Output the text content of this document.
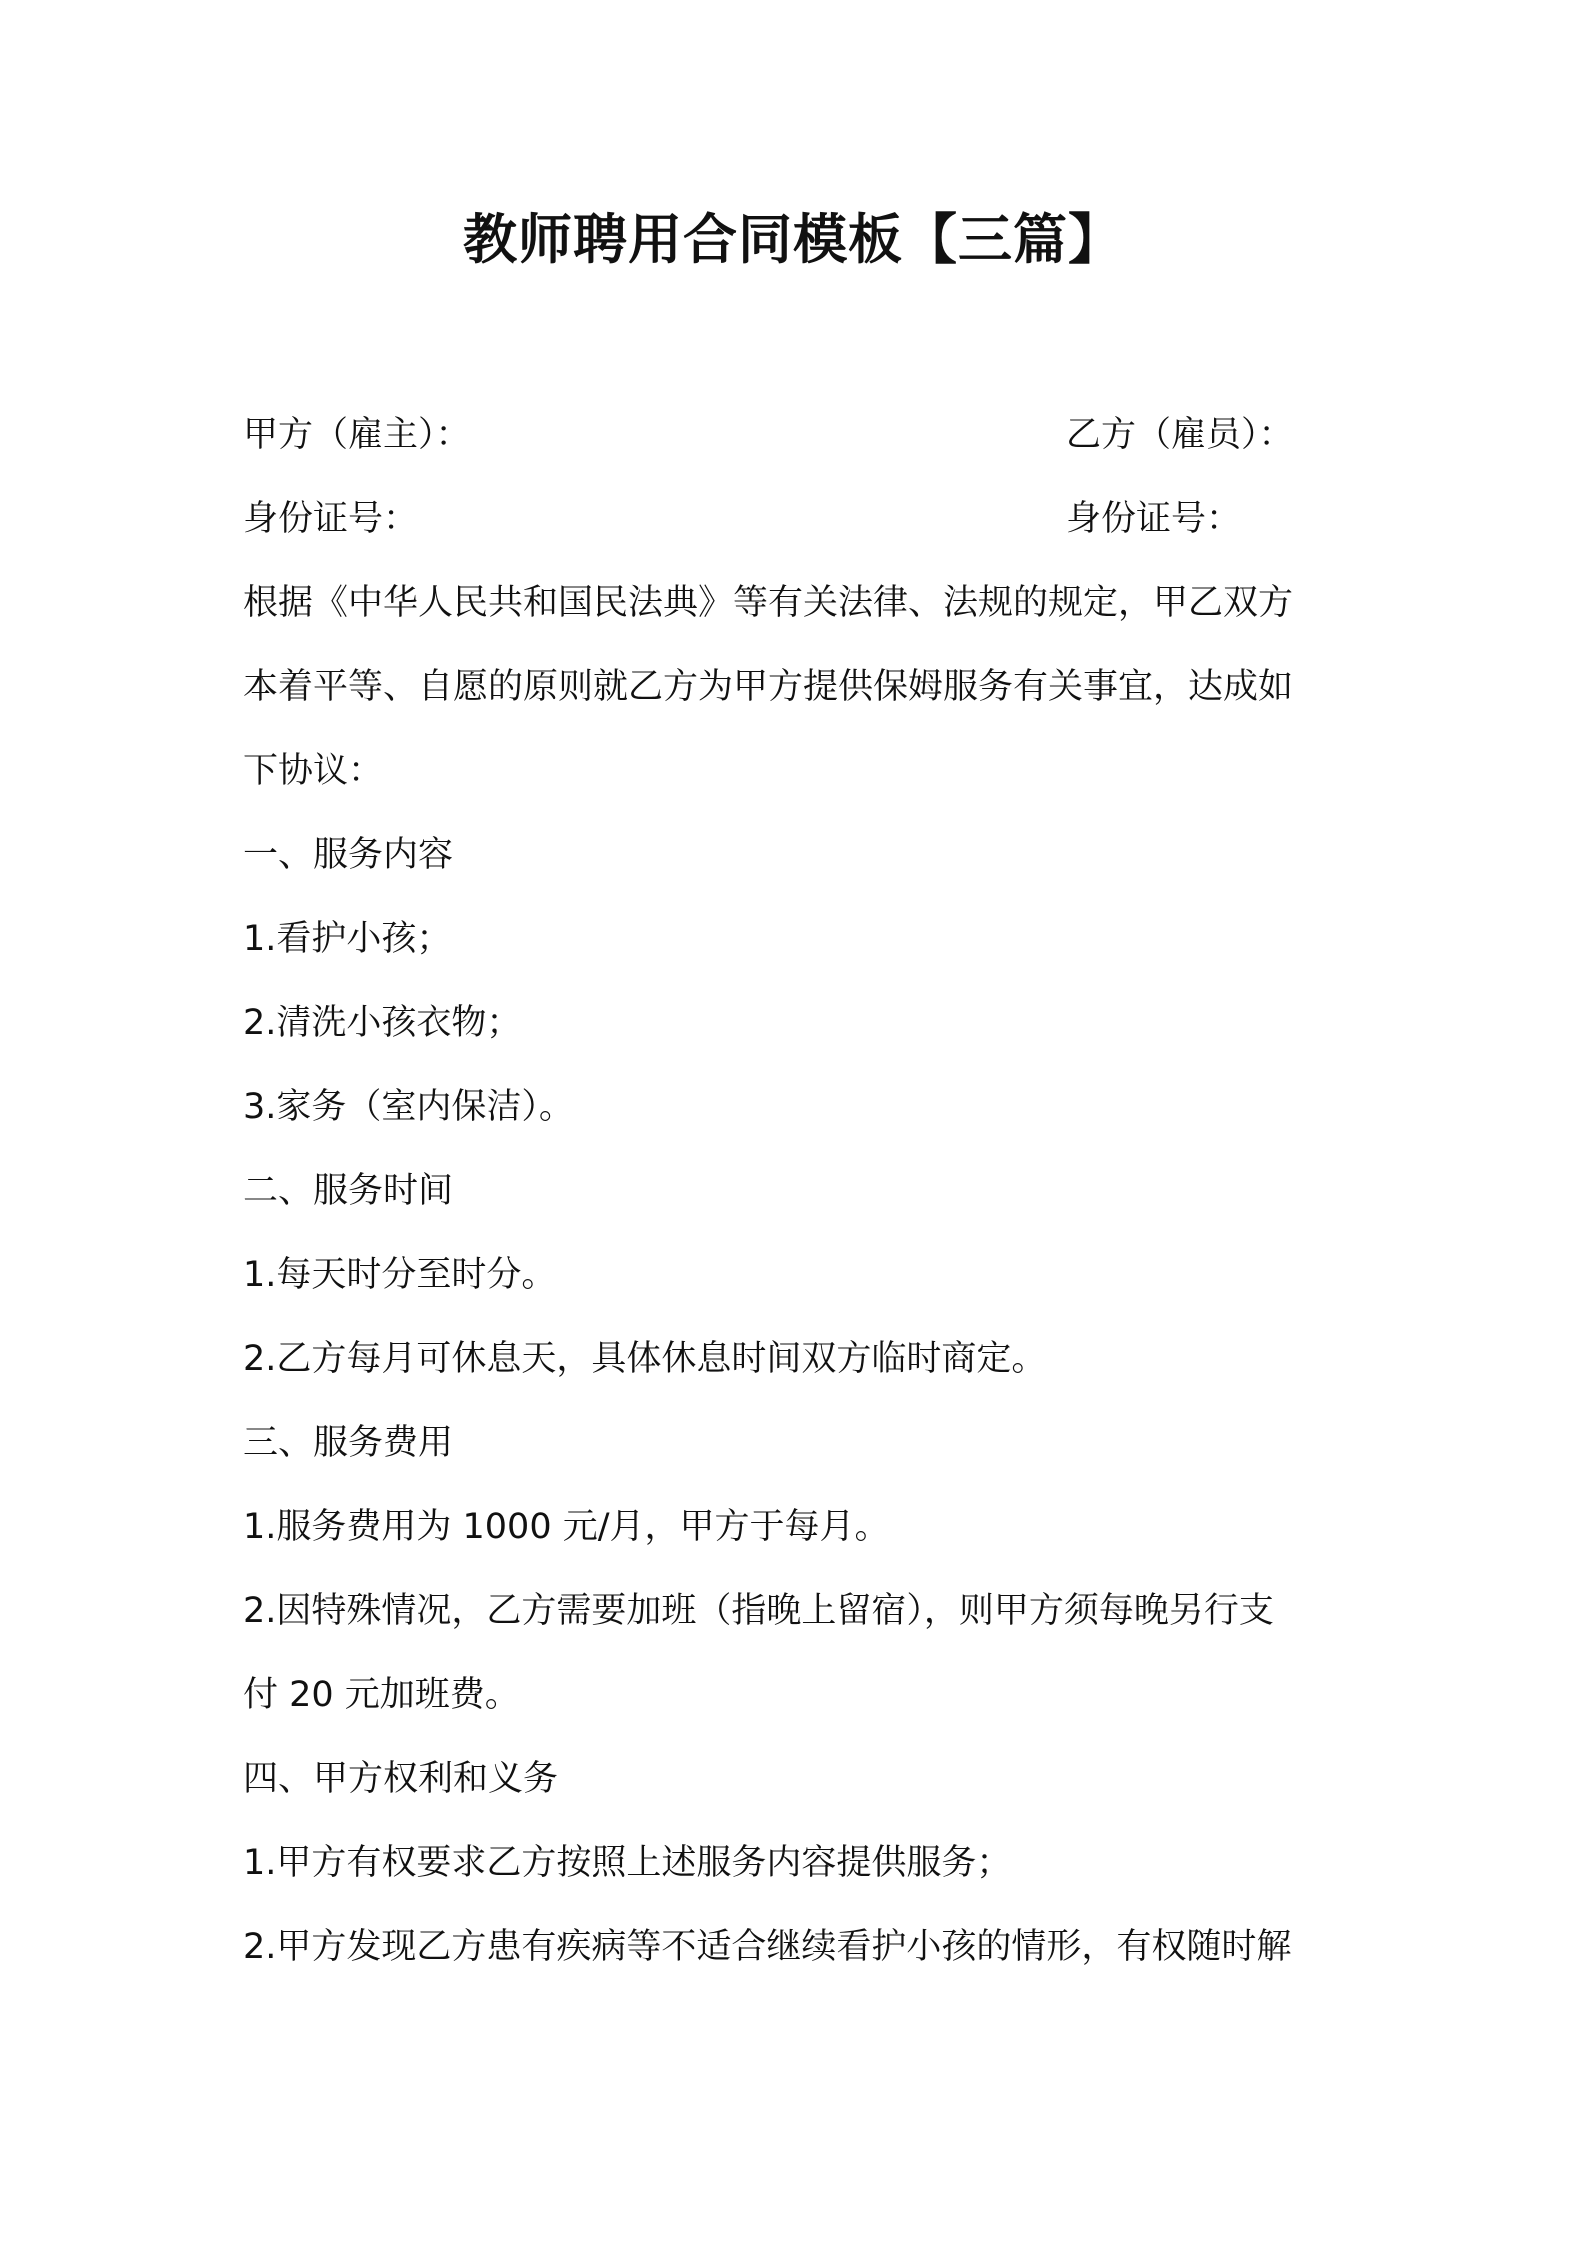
教师聘用合同模板【三篇】

甲方（雇主）：	乙方（雇员）：

身份证号：	身份证号：

根据《中华人民共和国民法典》等有关法律、法规的规定，甲乙双方

本着平等、自愿的原则就乙方为甲方提供保姆服务有关事宜，达成如

下协议：

一、服务内容

1.看护小孩；

2.清洗小孩衣物；

3.家务（室内保洁）。

二、服务时间

1.每天时分至时分。

2.乙方每月可休息天，具体休息时间双方临时商定。

三、服务费用

1.服务费用为 1000 元/月，甲方于每月。

2.因特殊情况，乙方需要加班（指晚上留宿），则甲方须每晚另行支

付 20 元加班费。

四、甲方权利和义务

1.甲方有权要求乙方按照上述服务内容提供服务；

2.甲方发现乙方患有疾病等不适合继续看护小孩的情形，有权随时解
